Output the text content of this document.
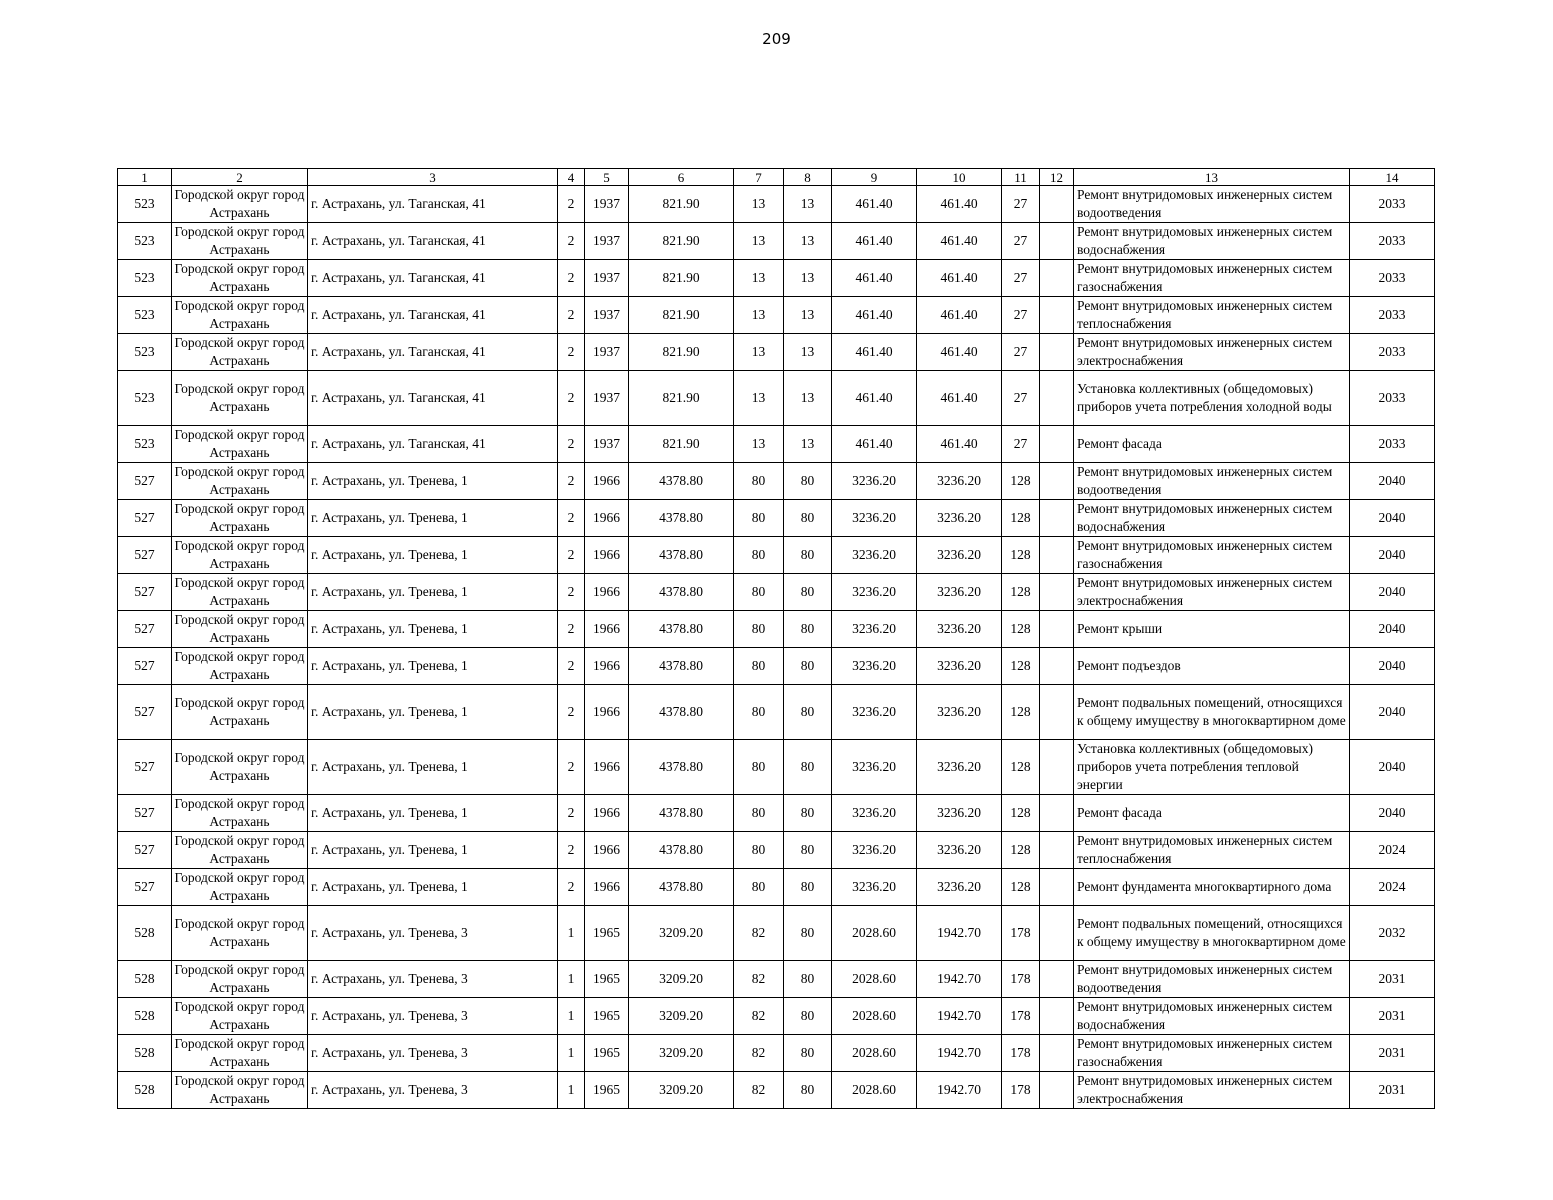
209
1	2	3	4	5	6	7	8	9	10	11	12	13	14
523	Городской округ город Астрахань	г. Астрахань, ул. Таганская, 41	2	1937	821.90	13	13	461.40	461.40	27		Ремонт внутридомовых инженерных систем водоотведения	2033
523	Городской округ город Астрахань	г. Астрахань, ул. Таганская, 41	2	1937	821.90	13	13	461.40	461.40	27		Ремонт внутридомовых инженерных систем водоснабжения	2033
523	Городской округ город Астрахань	г. Астрахань, ул. Таганская, 41	2	1937	821.90	13	13	461.40	461.40	27		Ремонт внутридомовых инженерных систем газоснабжения	2033
523	Городской округ город Астрахань	г. Астрахань, ул. Таганская, 41	2	1937	821.90	13	13	461.40	461.40	27		Ремонт внутридомовых инженерных систем теплоснабжения	2033
523	Городской округ город Астрахань	г. Астрахань, ул. Таганская, 41	2	1937	821.90	13	13	461.40	461.40	27		Ремонт внутридомовых инженерных систем электроснабжения	2033
523	Городской округ город Астрахань	г. Астрахань, ул. Таганская, 41	2	1937	821.90	13	13	461.40	461.40	27		Установка коллективных (общедомовых) приборов учета потребления холодной воды	2033
523	Городской округ город Астрахань	г. Астрахань, ул. Таганская, 41	2	1937	821.90	13	13	461.40	461.40	27		Ремонт фасада	2033
527	Городской округ город Астрахань	г. Астрахань, ул. Тренева, 1	2	1966	4378.80	80	80	3236.20	3236.20	128		Ремонт внутридомовых инженерных систем водоотведения	2040
527	Городской округ город Астрахань	г. Астрахань, ул. Тренева, 1	2	1966	4378.80	80	80	3236.20	3236.20	128		Ремонт внутридомовых инженерных систем водоснабжения	2040
527	Городской округ город Астрахань	г. Астрахань, ул. Тренева, 1	2	1966	4378.80	80	80	3236.20	3236.20	128		Ремонт внутридомовых инженерных систем газоснабжения	2040
527	Городской округ город Астрахань	г. Астрахань, ул. Тренева, 1	2	1966	4378.80	80	80	3236.20	3236.20	128		Ремонт внутридомовых инженерных систем электроснабжения	2040
527	Городской округ город Астрахань	г. Астрахань, ул. Тренева, 1	2	1966	4378.80	80	80	3236.20	3236.20	128		Ремонт крыши	2040
527	Городской округ город Астрахань	г. Астрахань, ул. Тренева, 1	2	1966	4378.80	80	80	3236.20	3236.20	128		Ремонт подъездов	2040
527	Городской округ город Астрахань	г. Астрахань, ул. Тренева, 1	2	1966	4378.80	80	80	3236.20	3236.20	128		Ремонт подвальных помещений, относящихся к общему имуществу в многоквартирном доме	2040
527	Городской округ город Астрахань	г. Астрахань, ул. Тренева, 1	2	1966	4378.80	80	80	3236.20	3236.20	128		Установка коллективных (общедомовых) приборов учета потребления тепловой энергии	2040
527	Городской округ город Астрахань	г. Астрахань, ул. Тренева, 1	2	1966	4378.80	80	80	3236.20	3236.20	128		Ремонт фасада	2040
527	Городской округ город Астрахань	г. Астрахань, ул. Тренева, 1	2	1966	4378.80	80	80	3236.20	3236.20	128		Ремонт внутридомовых инженерных систем теплоснабжения	2024
527	Городской округ город Астрахань	г. Астрахань, ул. Тренева, 1	2	1966	4378.80	80	80	3236.20	3236.20	128		Ремонт фундамента многоквартирного дома	2024
528	Городской округ город Астрахань	г. Астрахань, ул. Тренева, 3	1	1965	3209.20	82	80	2028.60	1942.70	178		Ремонт подвальных помещений, относящихся к общему имуществу в многоквартирном доме	2032
528	Городской округ город Астрахань	г. Астрахань, ул. Тренева, 3	1	1965	3209.20	82	80	2028.60	1942.70	178		Ремонт внутридомовых инженерных систем водоотведения	2031
528	Городской округ город Астрахань	г. Астрахань, ул. Тренева, 3	1	1965	3209.20	82	80	2028.60	1942.70	178		Ремонт внутридомовых инженерных систем водоснабжения	2031
528	Городской округ город Астрахань	г. Астрахань, ул. Тренева, 3	1	1965	3209.20	82	80	2028.60	1942.70	178		Ремонт внутридомовых инженерных систем газоснабжения	2031
528	Городской округ город Астрахань	г. Астрахань, ул. Тренева, 3	1	1965	3209.20	82	80	2028.60	1942.70	178		Ремонт внутридомовых инженерных систем электроснабжения	2031
